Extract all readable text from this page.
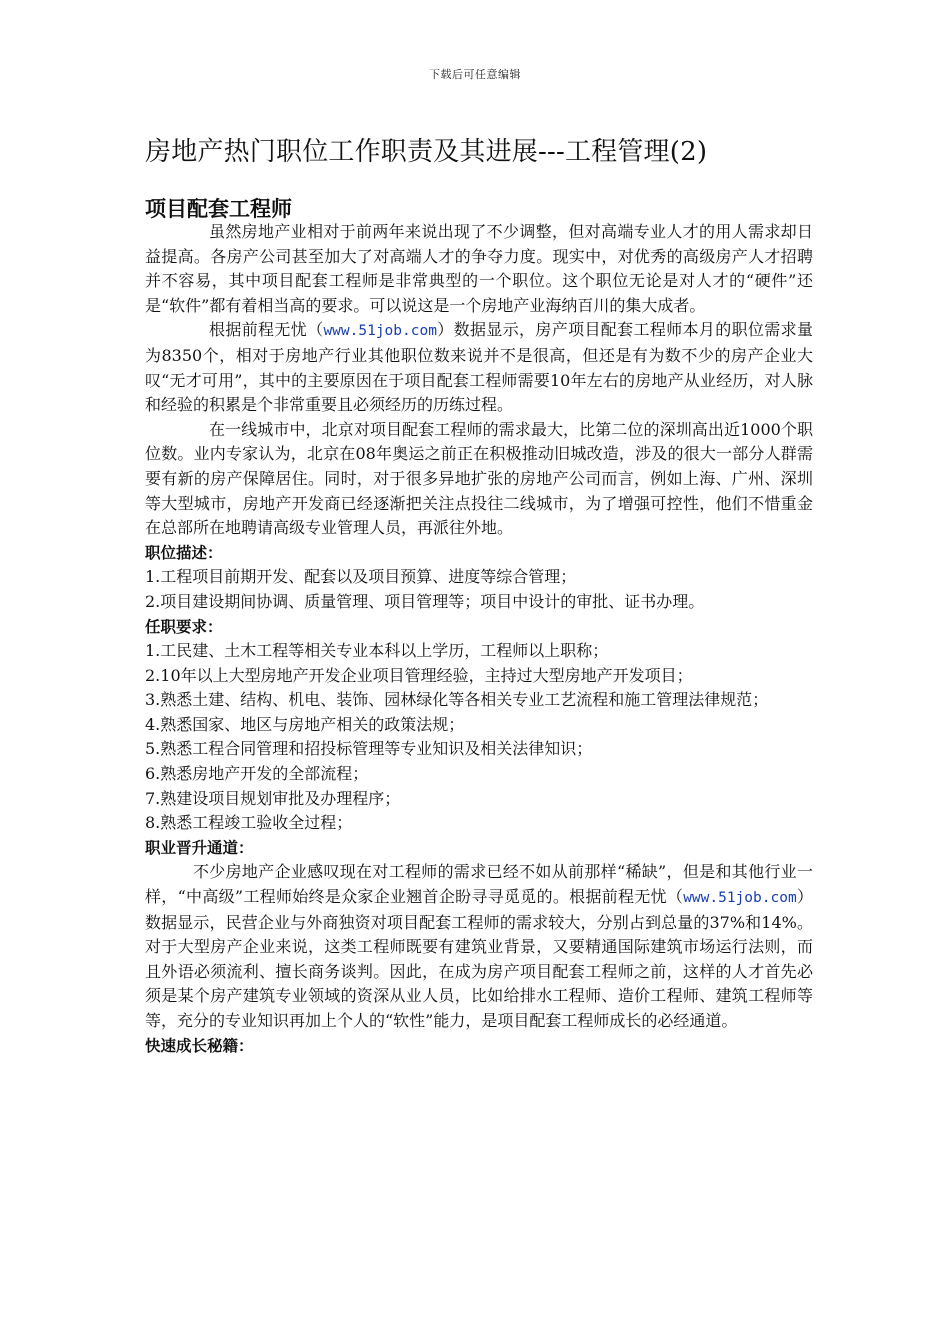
下载后可任意编辑
房地产热门职位工作职责及其进展---工程管理(2)
项目配套工程师

虽然房地产业相对于前两年来说出现了不少调整，但对高端专业人才的用人需求却日益提高。各房产公司甚至加大了对高端人才的争夺力度。现实中，对优秀的高级房产人才招聘并不容易，其中项目配套工程师是非常典型的一个职位。这个职位无论是对人才的“硬件”还是“软件”都有着相当高的要求。可以说这是一个房地产业海纳百川的集大成者。

根据前程无忧（www.51job.com）数据显示，房产项目配套工程师本月的职位需求量为8350个，相对于房地产行业其他职位数来说并不是很高，但还是有为数不少的房产企业大叹“无才可用”，其中的主要原因在于项目配套工程师需要10年左右的房地产从业经历，对人脉和经验的积累是个非常重要且必须经历的历练过程。

在一线城市中，北京对项目配套工程师的需求最大，比第二位的深圳高出近1000个职位数。业内专家认为，北京在08年奥运之前正在积极推动旧城改造，涉及的很大一部分人群需要有新的房产保障居住。同时，对于很多异地扩张的房地产公司而言，例如上海、广州、深圳等大型城市，房地产开发商已经逐渐把关注点投往二线城市，为了增强可控性，他们不惜重金在总部所在地聘请高级专业管理人员，再派往外地。

职位描述：

1.工程项目前期开发、配套以及项目预算、进度等综合管理；

2.项目建设期间协调、质量管理、项目管理等；项目中设计的审批、证书办理。

任职要求：

1.工民建、土木工程等相关专业本科以上学历，工程师以上职称；

2.10年以上大型房地产开发企业项目管理经验，主持过大型房地产开发项目；

3.熟悉土建、结构、机电、装饰、园林绿化等各相关专业工艺流程和施工管理法律规范；

4.熟悉国家、地区与房地产相关的政策法规；

5.熟悉工程合同管理和招投标管理等专业知识及相关法律知识；

6.熟悉房地产开发的全部流程；

7.熟建设项目规划审批及办理程序；

8.熟悉工程竣工验收全过程；

职业晋升通道：

不少房地产企业感叹现在对工程师的需求已经不如从前那样“稀缺”，但是和其他行业一样，“中高级”工程师始终是众家企业翘首企盼寻寻觅觅的。根据前程无忧（www.51job.com）数据显示，民营企业与外商独资对项目配套工程师的需求较大，分别占到总量的37%和14%。对于大型房产企业来说，这类工程师既要有建筑业背景，又要精通国际建筑市场运行法则，而且外语必须流利、擅长商务谈判。因此，在成为房产项目配套工程师之前，这样的人才首先必须是某个房产建筑专业领域的资深从业人员，比如给排水工程师、造价工程师、建筑工程师等等，充分的专业知识再加上个人的“软性”能力，是项目配套工程师成长的必经通道。

快速成长秘籍：
